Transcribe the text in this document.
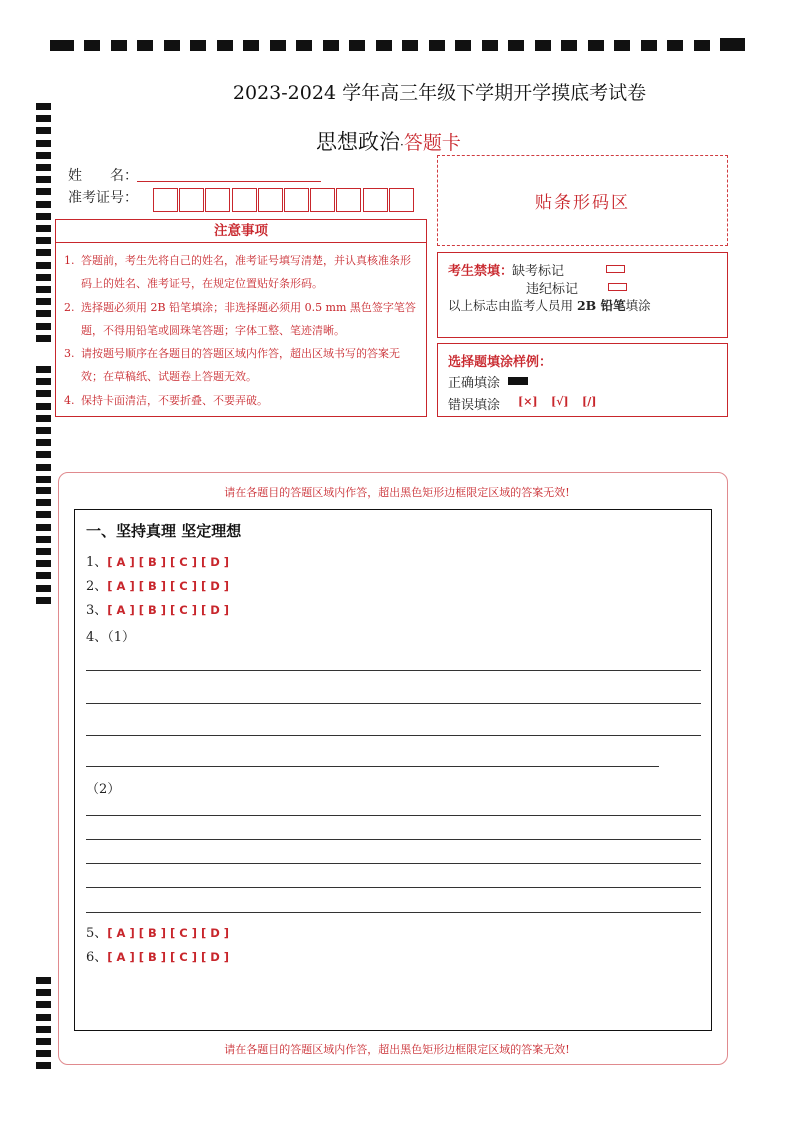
2023-2024 学年高三年级下学期开学摸底考试卷
思想政治·答题卡
姓　　名：
准考证号：	贴条形码区
注意事项
1. 答题前，考生先将自己的姓名，准考证号填写清楚，并认真核准条形码上的姓名、准考证号，在规定位置贴好条形码。
2. 选择题必须用 2B 铅笔填涂；非选择题必须用 0.5 mm 黑色签字笔答题，不得用铅笔或圆珠笔答题；字体工整、笔迹清晰。
3. 请按题号顺序在各题目的答题区域内作答，超出区域书写的答案无效；在草稿纸、试题卷上答题无效。
4. 保持卡面清洁，不要折叠、不要弄破。
考生禁填：
缺考标记
违纪标记
以上标志由监考人员用 2B 铅笔填涂
选择题填涂样例：
正确填涂
错误填涂 [×] [√] [/]
请在各题目的答题区域内作答，超出黑色矩形边框限定区域的答案无效!
请在各题目的答题区域内作答，超出黑色矩形边框限定区域的答案无效!
一、坚持真理 坚定理想
1、[ A ] [ B ] [ C ] [ D ]
2、[ A ] [ B ] [ C ] [ D ]
3、[ A ] [ B ] [ C ] [ D ]
4、（1）
（2）
5、[ A ] [ B ] [ C ] [ D ]
6、[ A ] [ B ] [ C ] [ D ]
